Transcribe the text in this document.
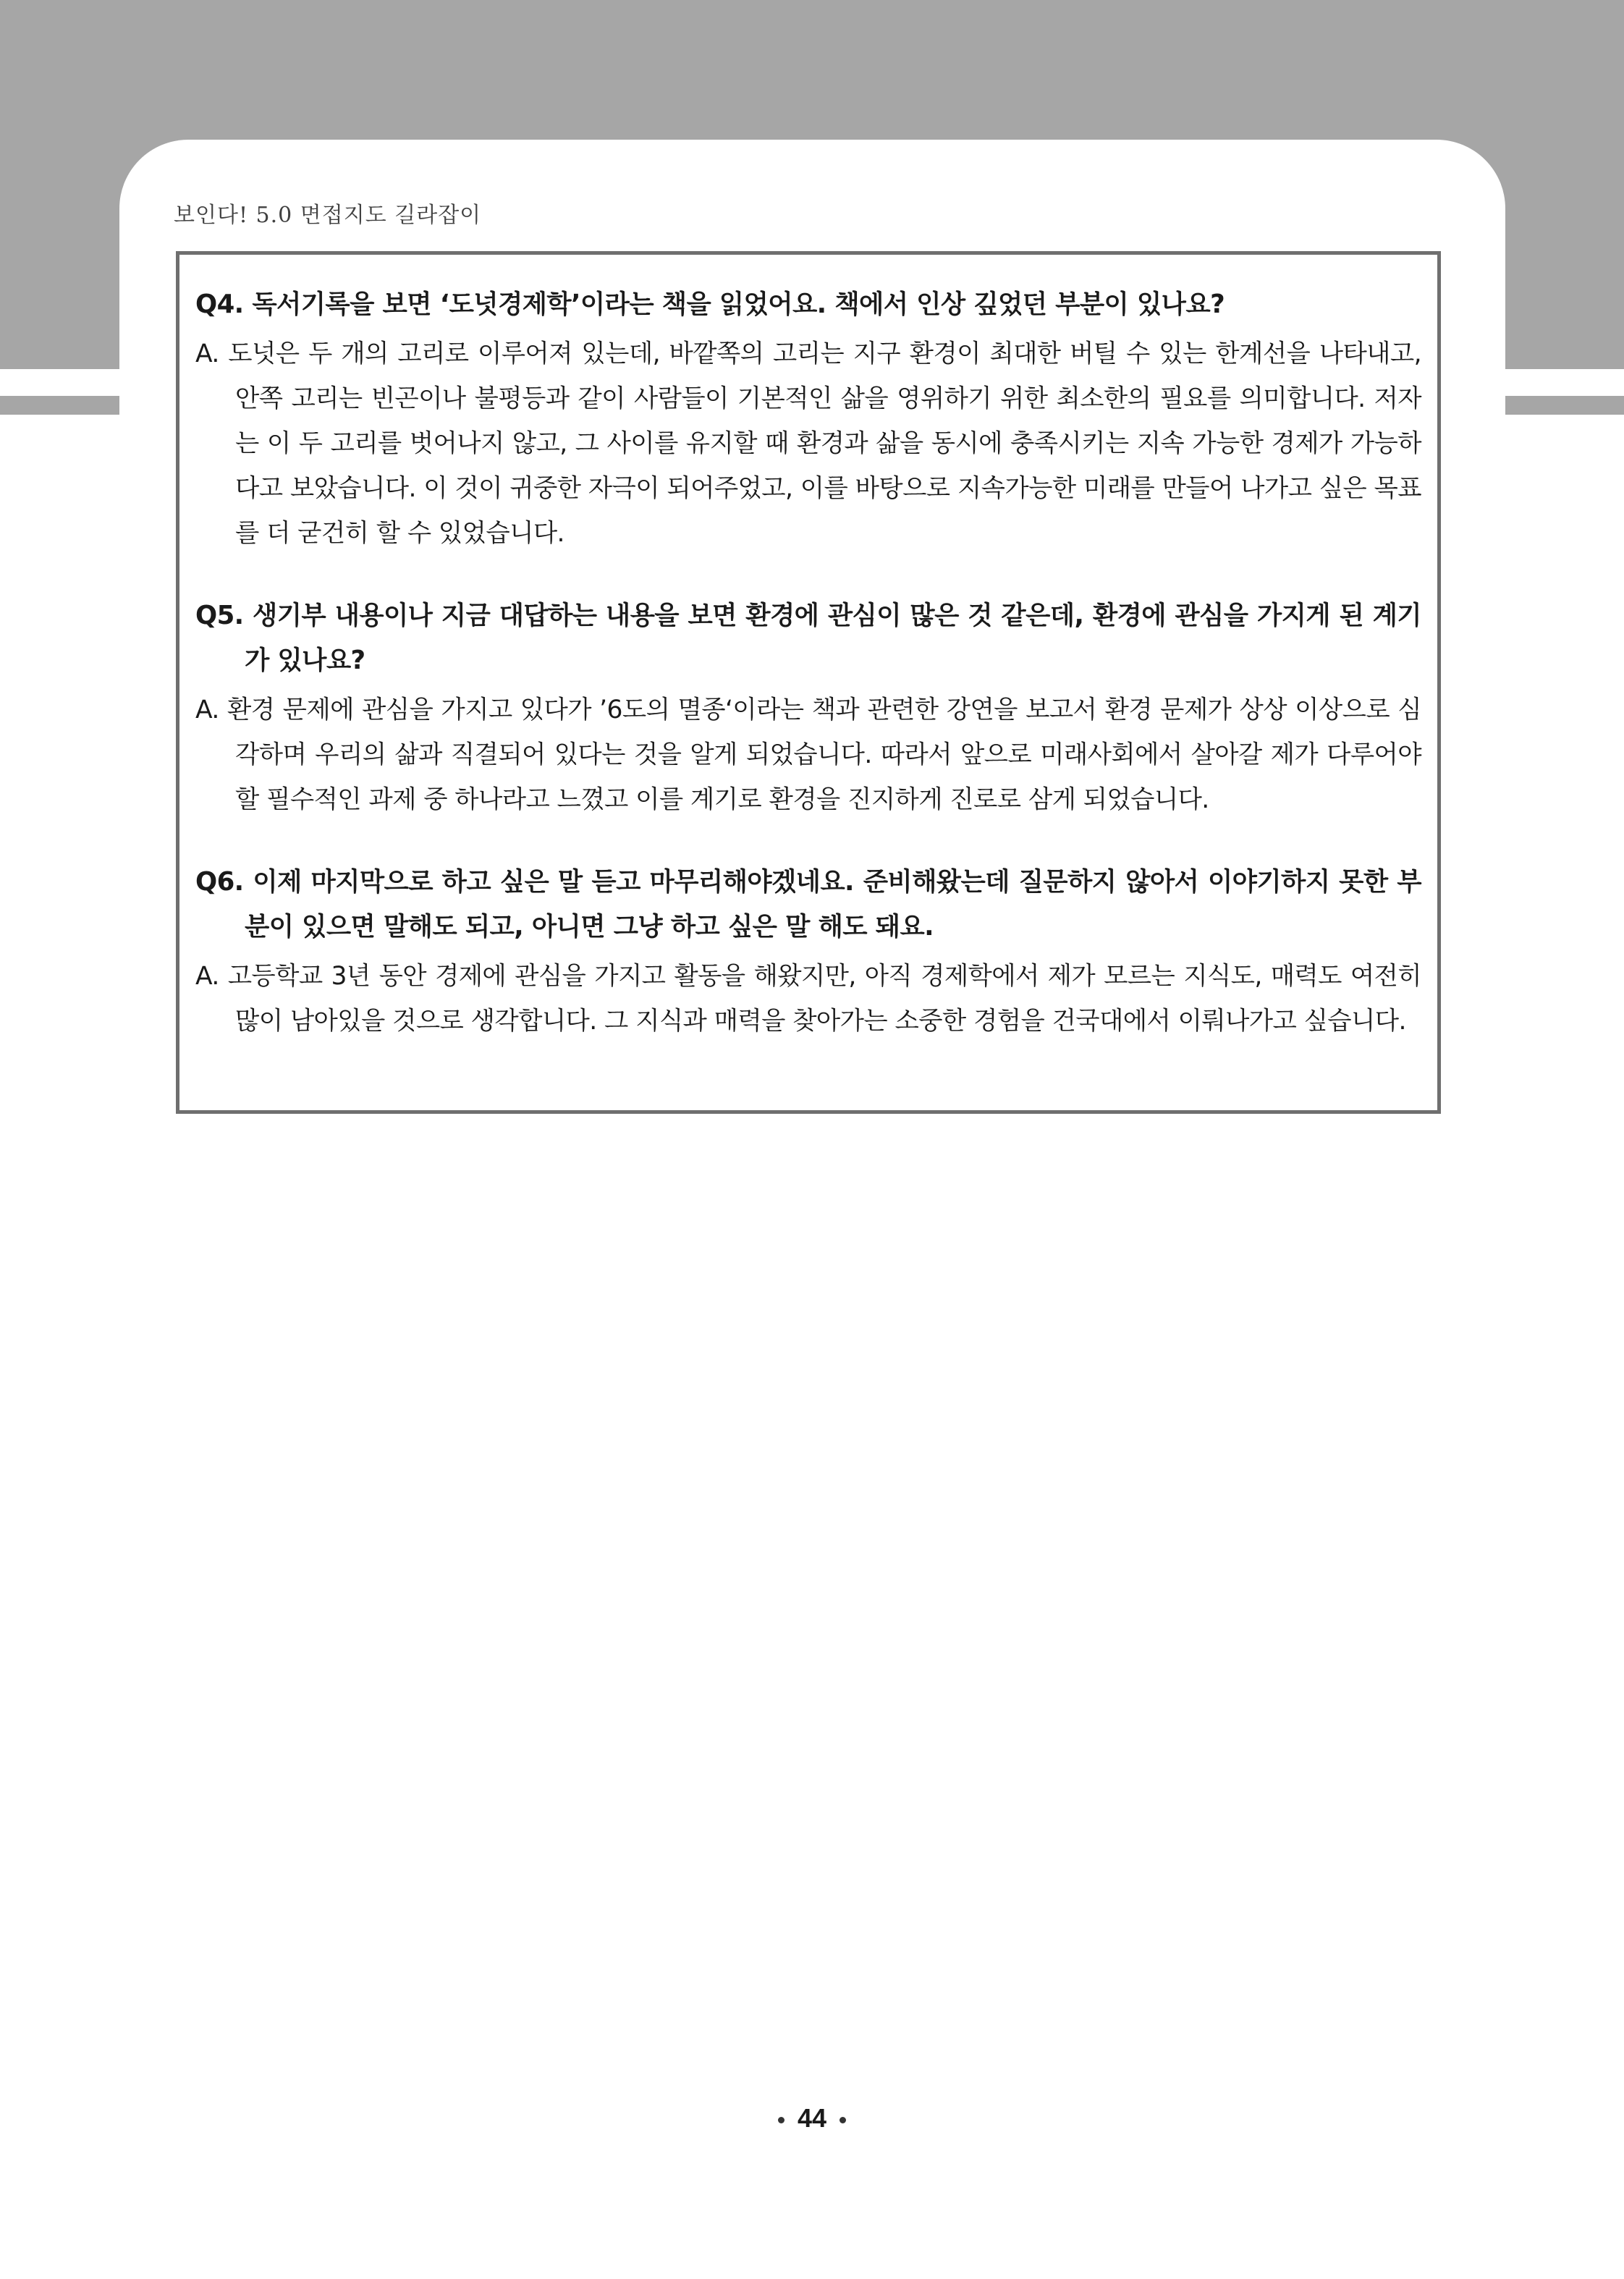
보인다! 5.0 면접지도 길라잡이

Q4. 독서기록을 보면 ‘도넛경제학’이라는 책을 읽었어요. 책에서 인상 깊었던 부분이 있나요?

A. 도넛은 두 개의 고리로 이루어져 있는데, 바깥쪽의 고리는 지구 환경이 최대한 버틸 수 있는 한계선을 나타내고, 안쪽 고리는 빈곤이나 불평등과 같이 사람들이 기본적인 삶을 영위하기 위한 최소한의 필요를 의미합니다. 저자는 이 두 고리를 벗어나지 않고, 그 사이를 유지할 때 환경과 삶을 동시에 충족시키는 지속 가능한 경제가 가능하다고 보았습니다. 이 것이 귀중한 자극이 되어주었고, 이를 바탕으로 지속가능한 미래를 만들어 나가고 싶은 목표를 더 굳건히 할 수 있었습니다.

Q5. 생기부 내용이나 지금 대답하는 내용을 보면 환경에 관심이 많은 것 같은데, 환경에 관심을 가지게 된 계기가 있나요?

A. 환경 문제에 관심을 가지고 있다가 ’6도의 멸종‘이라는 책과 관련한 강연을 보고서 환경 문제가 상상 이상으로 심각하며 우리의 삶과 직결되어 있다는 것을 알게 되었습니다. 따라서 앞으로 미래사회에서 살아갈 제가 다루어야 할 필수적인 과제 중 하나라고 느꼈고 이를 계기로 환경을 진지하게 진로로 삼게 되었습니다.

Q6. 이제 마지막으로 하고 싶은 말 듣고 마무리해야겠네요. 준비해왔는데 질문하지 않아서 이야기하지 못한 부분이 있으면 말해도 되고, 아니면 그냥 하고 싶은 말 해도 돼요.

A. 고등학교 3년 동안 경제에 관심을 가지고 활동을 해왔지만, 아직 경제학에서 제가 모르는 지식도, 매력도 여전히 많이 남아있을 것으로 생각합니다. 그 지식과 매력을 찾아가는 소중한 경험을 건국대에서 이뤄나가고 싶습니다.

44
